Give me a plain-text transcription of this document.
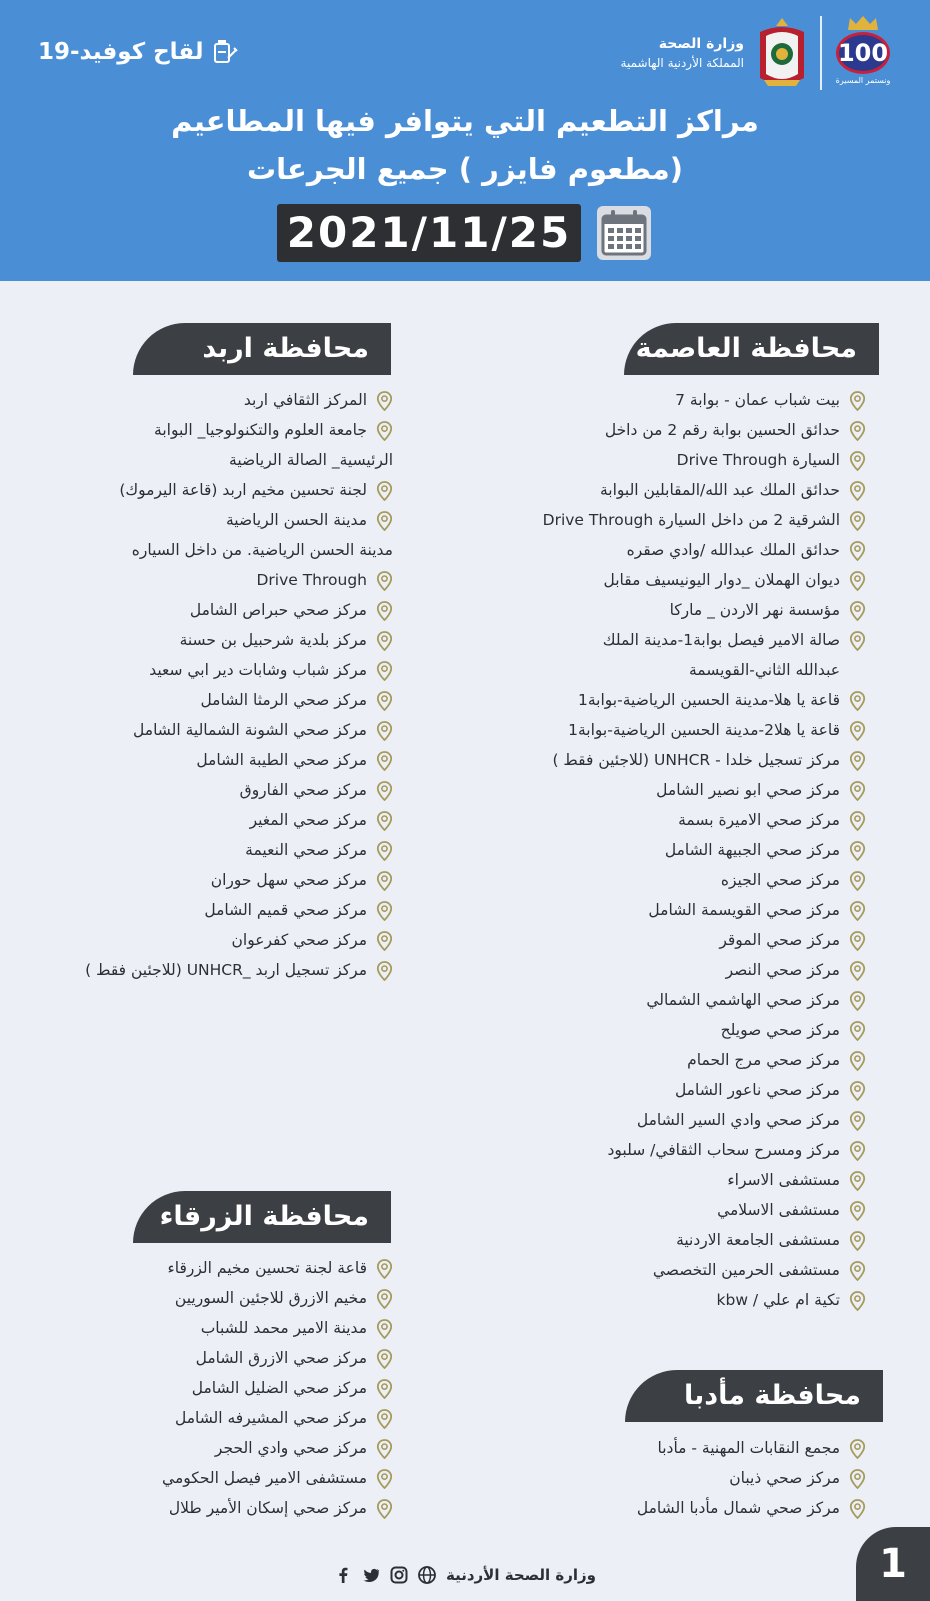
100
ونستمر المسيرة
وزارة الصحة
المملكة الأردنية الهاشمية
لقاح كوفيد-19
مراكز التطعيم التي يتوافر فيها المطاعيم
(مطعوم فايزر ) جميع الجرعات
2021/11/25
محافظة العاصمة
محافظة اربد
محافظة الزرقاء
محافظة مأدبا
بيت شباب عمان - بوابة 7
حدائق الحسين بوابة رقم 2 من داخل
السيارة Drive Through
حدائق الملك عبد الله/المقابلين البوابة
الشرقية 2 من داخل السيارة Drive Through
حدائق الملك عبدالله /وادي صقره
ديوان الهملان _دوار اليونيسيف مقابل
مؤسسة نهر الاردن _ ماركا
صالة الامير فيصل بوابة1-مدينة الملك
عبدالله الثاني-القويسمة
قاعة يا هلا-مدينة الحسين الرياضية-بوابة1
قاعة يا هلا2-مدينة الحسين الرياضية-بوابة1
مركز تسجيل خلدا - UNHCR (للاجئين فقط )
مركز صحي ابو نصير الشامل
مركز صحي الاميرة بسمة
مركز صحي الجبيهة الشامل
مركز صحي الجيزه
مركز صحي القويسمة الشامل
مركز صحي الموقر
مركز صحي النصر
مركز صحي الهاشمي الشمالي
مركز صحي صويلح
مركز صحي مرج الحمام
مركز صحي ناعور الشامل
مركز صحي وادي السير الشامل
مركز ومسرح سحاب الثقافي/ سلبود
مستشفى الاسراء
مستشفى الاسلامي
مستشفى الجامعة الاردنية
مستشفى الحرمين التخصصي
تكية ام علي / kbw
المركز الثقافي اربد
جامعة العلوم والتكنولوجيا_ البوابة
الرئيسية_ الصالة الرياضية
لجنة تحسين مخيم اربد (قاعة اليرموك)
مدينة الحسن الرياضية
مدينة الحسن الرياضية. من داخل السياره
Drive Through
مركز صحي حبراص الشامل
مركز بلدية شرحبيل بن حسنة
مركز شباب وشابات دير ابي سعيد
مركز صحي الرمثا الشامل
مركز صحي الشونة الشمالية الشامل
مركز صحي الطيبة الشامل
مركز صحي الفاروق
مركز صحي المغير
مركز صحي النعيمة
مركز صحي سهل حوران
مركز صحي قميم الشامل
مركز صحي كفرعوان
مركز تسجيل اربد _UNHCR (للاجئين فقط )
قاعة لجنة تحسين مخيم الزرقاء
مخيم الازرق للاجئين السوريين
مدينة الامير محمد للشباب
مركز صحي الازرق الشامل
مركز صحي الضليل الشامل
مركز صحي المشيرفه الشامل
مركز صحي وادي الحجر
مستشفى الامير فيصل الحكومي
مركز صحي إسكان الأمير طلال
مجمع النقابات المهنية - مأدبا
مركز صحي ذيبان
مركز صحي شمال مأدبا الشامل
وزارة الصحة الأردنية	1
